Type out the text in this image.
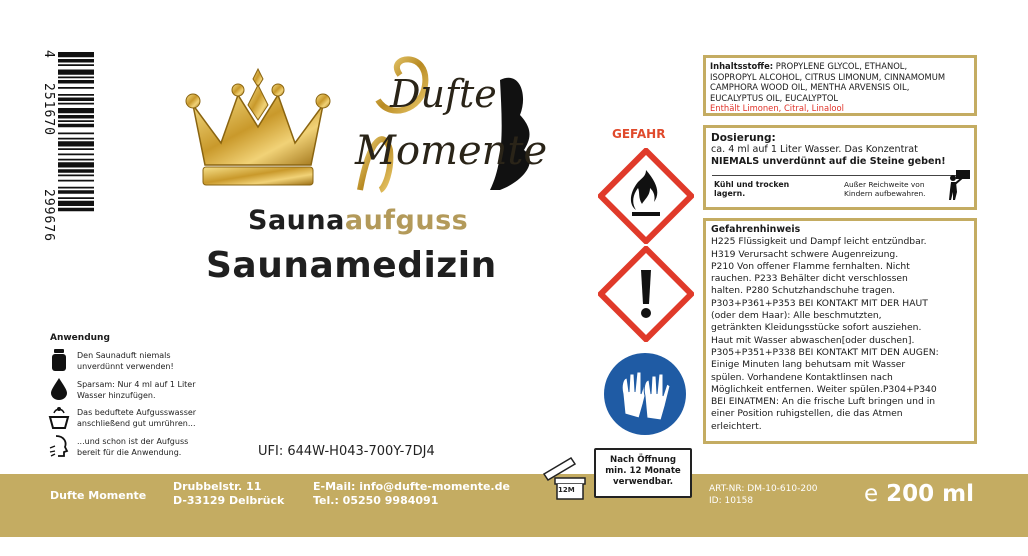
4
251670
299676
Dufte
Momente
Saunaaufguss
Saunamedizin
Anwendung
Den Saunaduft niemals
unverdünnt verwenden!
Sparsam: Nur 4 ml auf 1 Liter
Wasser hinzufügen.
Das beduftete Aufgusswasser
anschließend gut umrühren...
...und schon ist der Aufguss
bereit für die Anwendung.	UFI: 644W-H043-700Y-7DJ4
GEFAHR
Inhaltsstoffe: PROPYLENE GLYCOL, ETHANOL,
ISOPROPYL ALCOHOL, CITRUS LIMONUM, CINNAMOMUM
CAMPHORA WOOD OIL, MENTHA ARVENSIS OIL,
EUCALYPTUS OIL, EUCALYPTOL
Enthält Limonen, Citral, Linalool
Dosierung:
ca. 4 ml auf 1 Liter Wasser. Das Konzentrat
NIEMALS unverdünnt auf die Steine geben!
Kühl und trocken
lagern.
Außer Reichweite von
Kindern aufbewahren.
Gefahrenhinweis
H225 Flüssigkeit und Dampf leicht entzündbar.
H319 Verursacht schwere Augenreizung.
P210 Von offener Flamme fernhalten. Nicht
rauchen. P233 Behälter dicht verschlossen
halten. P280 Schutzhandschuhe tragen.
P303+P361+P353 BEI KONTAKT MIT DER HAUT
(oder dem Haar): Alle beschmutzten,
getränkten Kleidungsstücke sofort ausziehen.
Haut mit Wasser abwaschen[oder duschen].
P305+P351+P338 BEI KONTAKT MIT DEN AUGEN:
Einige Minuten lang behutsam mit Wasser
spülen. Vorhandene Kontaktlinsen nach
Möglichkeit entfernen. Weiter spülen.P304+P340
BEI EINATMEN: An die frische Luft bringen und in
einer Position ruhigstellen, die das Atmen
erleichtert.
Dufte Momente
Drubbelstr. 11
D-33129 Delbrück
E-Mail: info@dufte-momente.de
Tel.: 05250 9984091
ART-NR: DM-10-610-200
ID: 10158	e 200 ml
12M
Nach Öffnung
min. 12 Monate
verwendbar.
